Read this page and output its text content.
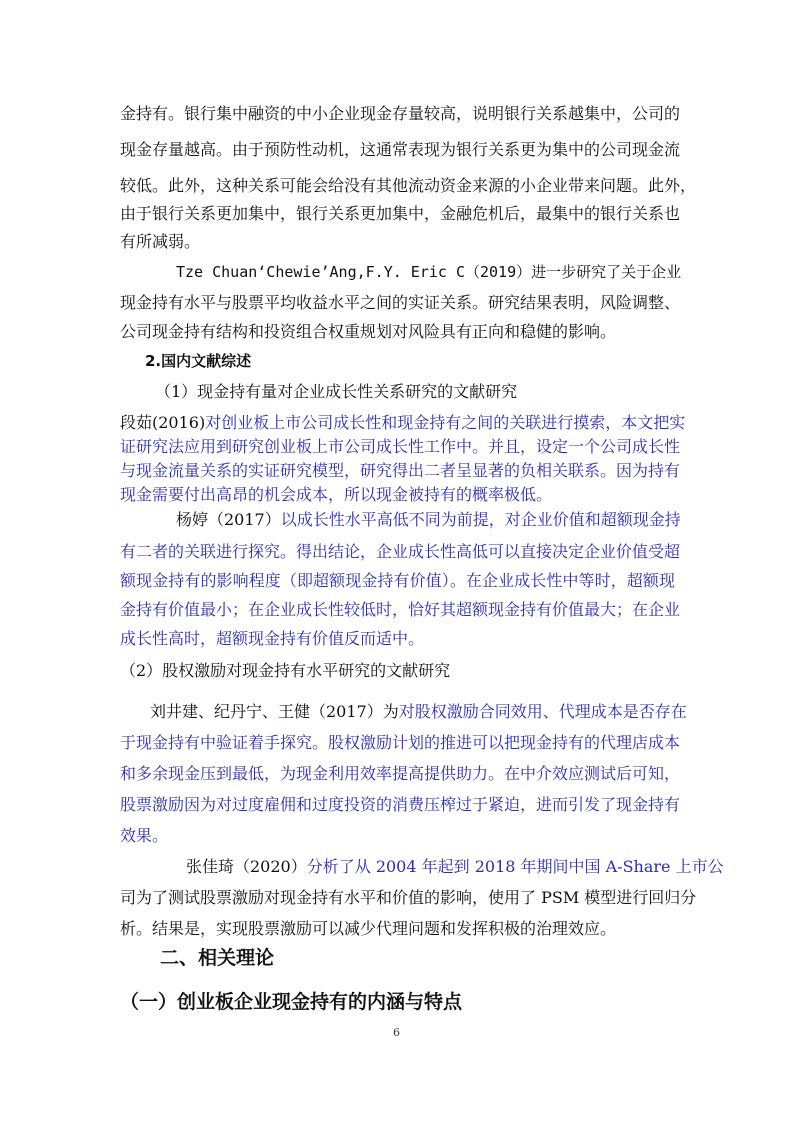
金持有。银行集中融资的中小企业现金存量较高，说明银行关系越集中，公司的
现金存量越高。由于预防性动机，这通常表现为银行关系更为集中的公司现金流
较低。此外，这种关系可能会给没有其他流动资金来源的小企业带来问题。此外，
由于银行关系更加集中，银行关系更加集中，金融危机后，最集中的银行关系也
有所减弱。
Tze Chuan‘Chewie’Ang,F.Y. Eric C（2019）进一步研究了关于企业
现金持有水平与股票平均收益水平之间的实证关系。研究结果表明，风险调整、
公司现金持有结构和投资组合权重规划对风险具有正向和稳健的影响。
2.国内文献综述
（1）现金持有量对企业成长性关系研究的文献研究
段茹(2016)对创业板上市公司成长性和现金持有之间的关联进行摸索，本文把实
证研究法应用到研究创业板上市公司成长性工作中。并且，设定一个公司成长性
与现金流量关系的实证研究模型，研究得出二者呈显著的负相关联系。因为持有
现金需要付出高昂的机会成本，所以现金被持有的概率极低。
杨婷（2017）以成长性水平高低不同为前提，对企业价值和超额现金持
有二者的关联进行探究。得出结论，企业成长性高低可以直接决定企业价值受超
额现金持有的影响程度（即超额现金持有价值）。在企业成长性中等时，超额现
金持有价值最小；在企业成长性较低时，恰好其超额现金持有价值最大；在企业
成长性高时，超额现金持有价值反而适中。
（2）股权激励对现金持有水平研究的文献研究
刘井建、纪丹宁、王健（2017）为对股权激励合同效用、代理成本是否存在
于现金持有中验证着手探究。股权激励计划的推进可以把现金持有的代理店成本
和多余现金压到最低，为现金利用效率提高提供助力。在中介效应测试后可知，
股票激励因为对过度雇佣和过度投资的消费压榨过于紧迫，进而引发了现金持有
效果。
张佳琦（2020）分析了从 2004 年起到 2018 年期间中国 A-Share 上市公
司为了测试股票激励对现金持有水平和价值的影响，使用了 PSM 模型进行回归分
析。结果是，实现股票激励可以减少代理问题和发挥积极的治理效应。
二、相关理论
（一）创业板企业现金持有的内涵与特点
6
